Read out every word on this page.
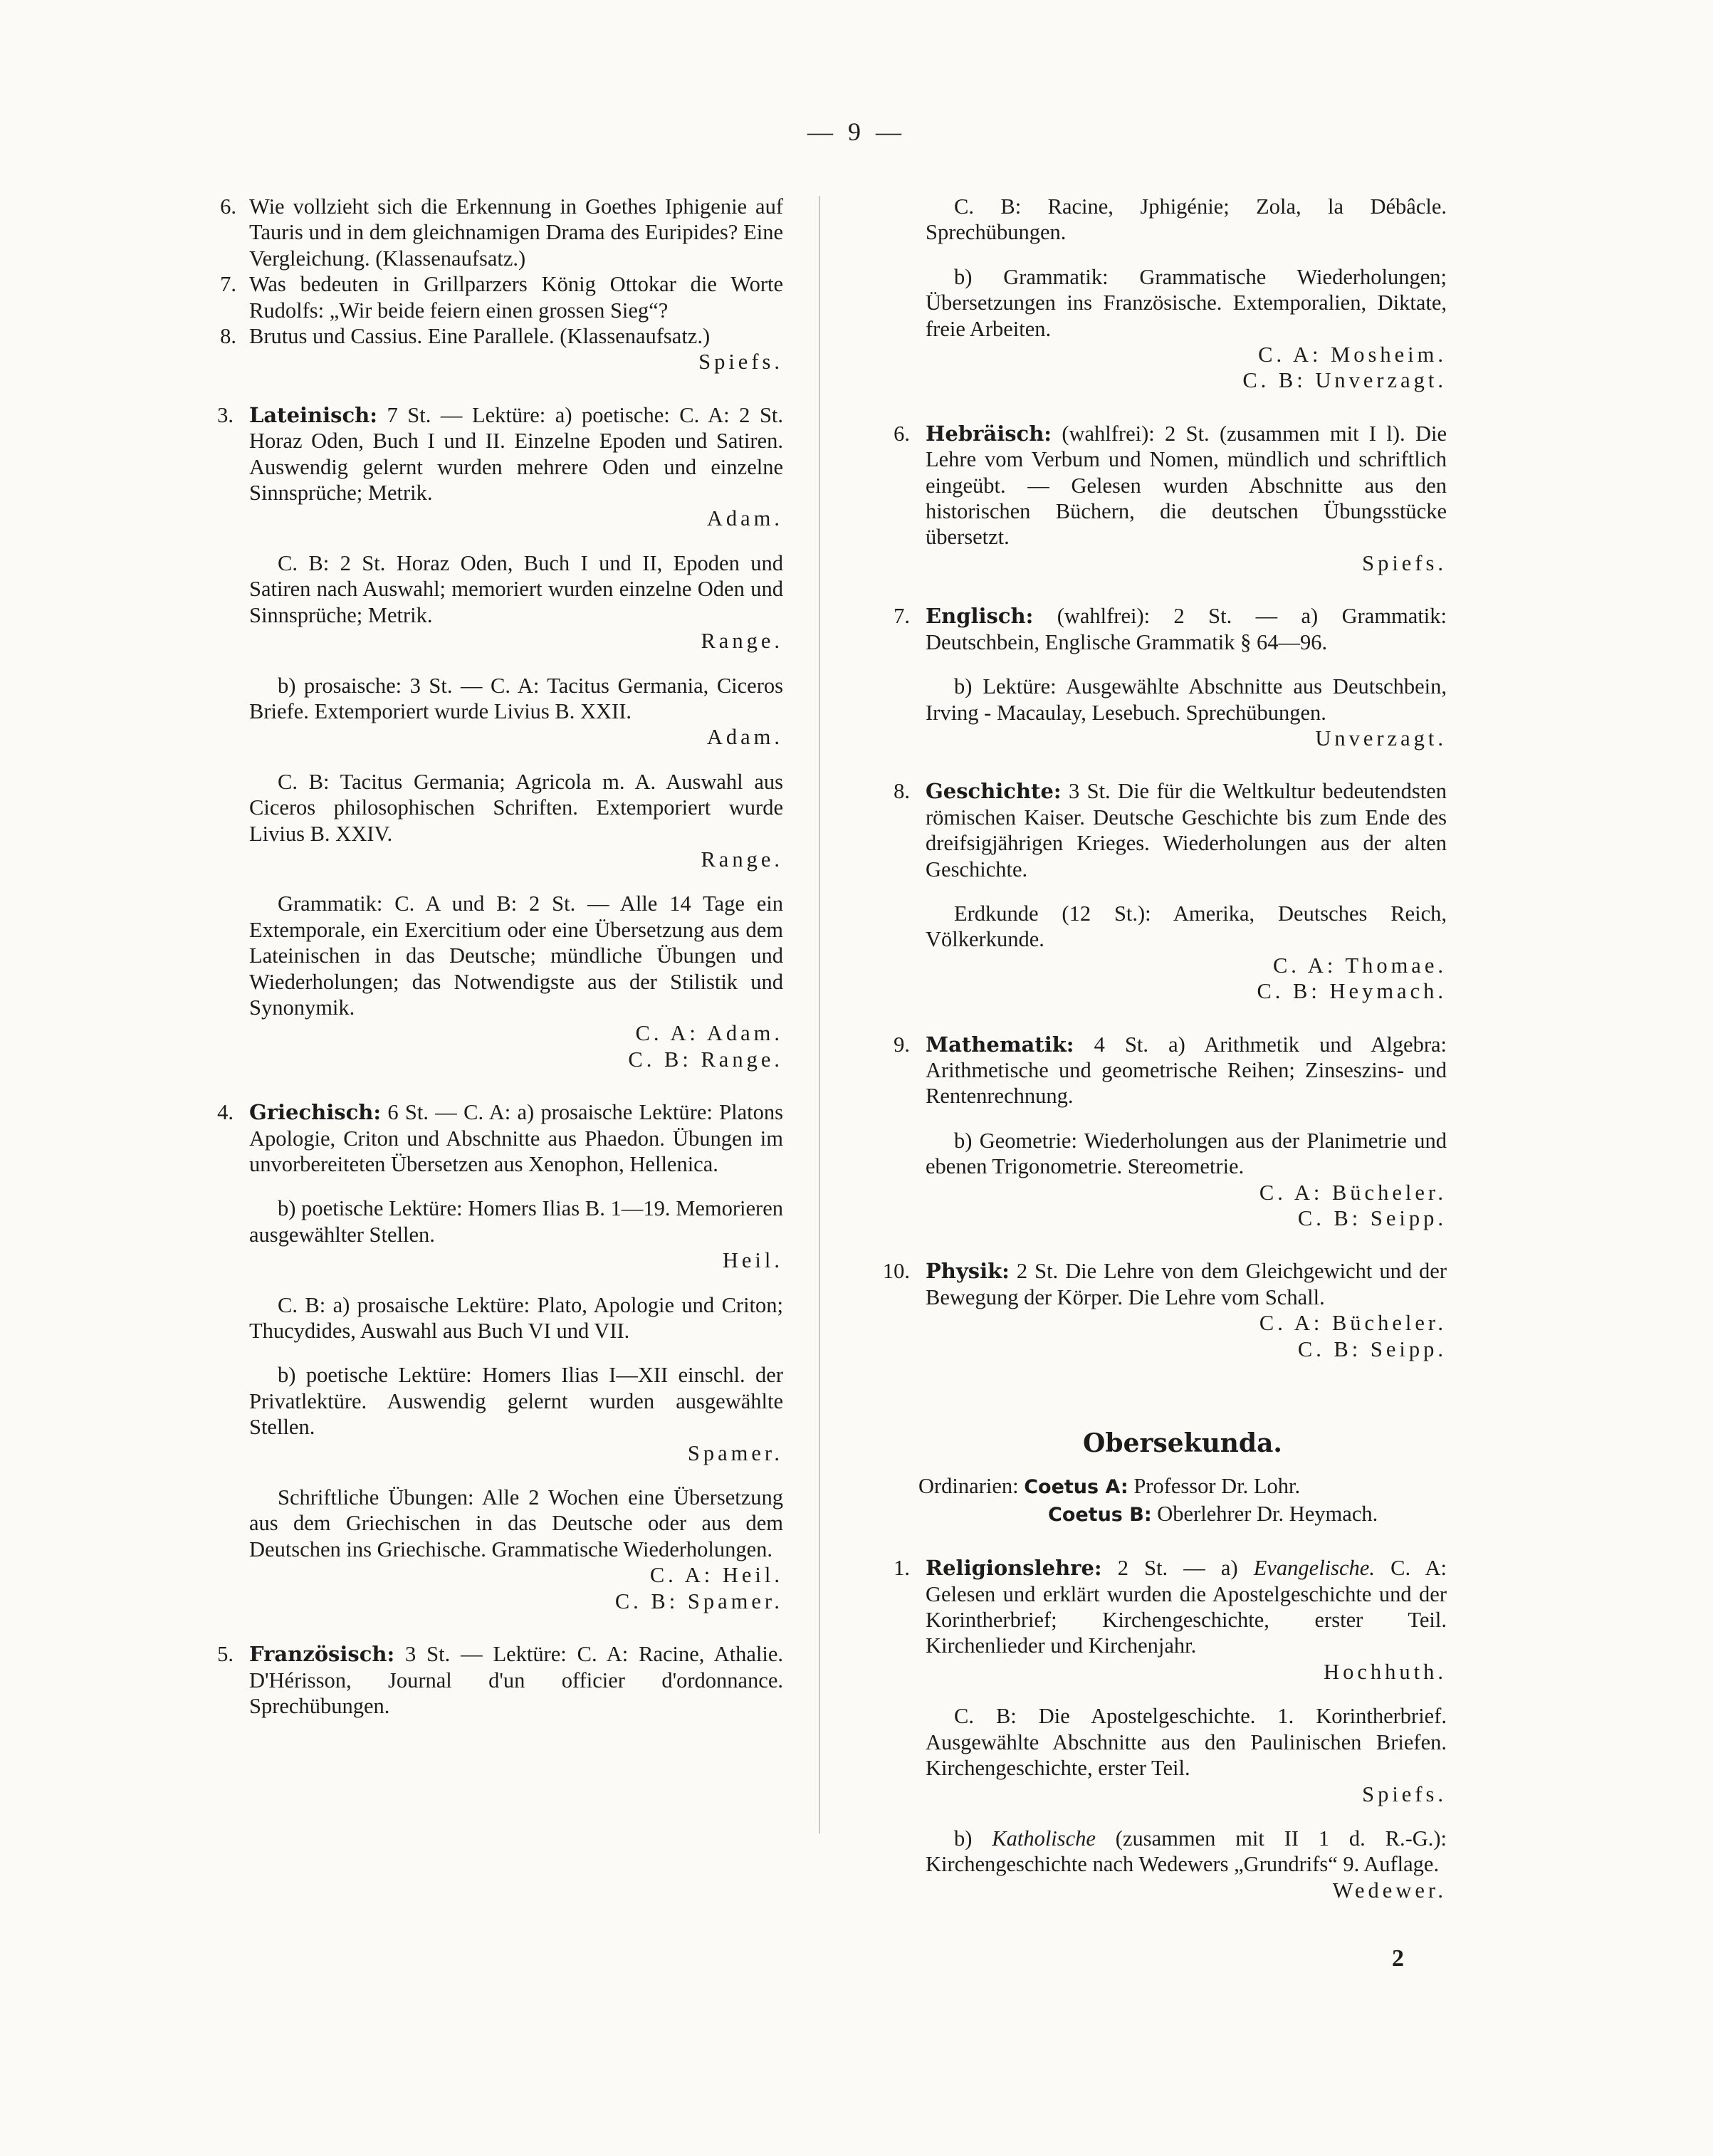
— 9 —
6. Wie vollzieht sich die Erkennung in Goethes Iphigenie auf Tauris und in dem gleichnamigen Drama des Euripides? Eine Vergleichung. (Klassenaufsatz.)

7. Was bedeuten in Grillparzers König Ottokar die Worte Rudolfs: „Wir beide feiern einen grossen Sieg“?

8. Brutus und Cassius. Eine Parallele. (Klassenaufsatz.)

Spiefs.

3. Lateinisch: 7 St. — Lektüre: a) poetische: C. A: 2 St. Horaz Oden, Buch I und II. Einzelne Epoden und Satiren. Auswendig gelernt wurden mehrere Oden und einzelne Sinnsprüche; Metrik.

Adam.

C. B: 2 St. Horaz Oden, Buch I und II, Epoden und Satiren nach Auswahl; memoriert wurden einzelne Oden und Sinnsprüche; Metrik.

Range.

b) prosaische: 3 St. — C. A: Tacitus Germania, Ciceros Briefe. Extemporiert wurde Livius B. XXII.

Adam.

C. B: Tacitus Germania; Agricola m. A. Auswahl aus Ciceros philosophischen Schriften. Extemporiert wurde Livius B. XXIV.

Range.

Grammatik: C. A und B: 2 St. — Alle 14 Tage ein Extemporale, ein Exercitium oder eine Übersetzung aus dem Lateinischen in das Deutsche; mündliche Übungen und Wiederholungen; das Notwendigste aus der Stilistik und Synonymik.

C. A: Adam.

C. B: Range.

4. Griechisch: 6 St. — C. A: a) prosaische Lektüre: Platons Apologie, Criton und Abschnitte aus Phaedon. Übungen im unvorbereiteten Übersetzen aus Xenophon, Hellenica.

b) poetische Lektüre: Homers Ilias B. 1—19. Memorieren ausgewählter Stellen.

Heil.

C. B: a) prosaische Lektüre: Plato, Apologie und Criton; Thucydides, Auswahl aus Buch VI und VII.

b) poetische Lektüre: Homers Ilias I—XII einschl. der Privatlektüre. Auswendig gelernt wurden ausgewählte Stellen.

Spamer.

Schriftliche Übungen: Alle 2 Wochen eine Übersetzung aus dem Griechischen in das Deutsche oder aus dem Deutschen ins Griechische. Grammatische Wiederholungen.

C. A: Heil.

C. B: Spamer.

5. Französisch: 3 St. — Lektüre: C. A: Racine, Athalie. D'Hérisson, Journal d'un officier d'ordonnance. Sprechübungen.

C. B: Racine, Jphigénie; Zola, la Débâcle. Sprechübungen.

b) Grammatik: Grammatische Wiederholungen; Übersetzungen ins Französische. Extemporalien, Diktate, freie Arbeiten.

C. A: Mosheim.

C. B: Unverzagt.

6. Hebräisch: (wahlfrei): 2 St. (zusammen mit I l). Die Lehre vom Verbum und Nomen, mündlich und schriftlich eingeübt. — Gelesen wurden Abschnitte aus den historischen Büchern, die deutschen Übungsstücke übersetzt.

Spiefs.

7. Englisch: (wahlfrei): 2 St. — a) Grammatik: Deutschbein, Englische Grammatik § 64—96.

b) Lektüre: Ausgewählte Abschnitte aus Deutschbein, Irving - Macaulay, Lesebuch. Sprechübungen.

Unverzagt.

8. Geschichte: 3 St. Die für die Weltkultur bedeutendsten römischen Kaiser. Deutsche Geschichte bis zum Ende des dreifsigjährigen Krieges. Wiederholungen aus der alten Geschichte.

Erdkunde (12 St.): Amerika, Deutsches Reich, Völkerkunde.

C. A: Thomae.

C. B: Heymach.

9. Mathematik: 4 St. a) Arithmetik und Algebra: Arithmetische und geometrische Reihen; Zinseszins- und Rentenrechnung.

b) Geometrie: Wiederholungen aus der Planimetrie und ebenen Trigonometrie. Stereometrie.

C. A: Bücheler.

C. B: Seipp.

10. Physik: 2 St. Die Lehre von dem Gleichgewicht und der Bewegung der Körper. Die Lehre vom Schall.

C. A: Bücheler.

C. B: Seipp.

Obersekunda.

Ordinarien: Coetus A: Professor Dr. Lohr.

Coetus B: Oberlehrer Dr. Heymach.

1. Religionslehre: 2 St. — a) Evangelische. C. A: Gelesen und erklärt wurden die Apostelgeschichte und der Korintherbrief; Kirchengeschichte, erster Teil. Kirchenlieder und Kirchenjahr.

Hochhuth.

C. B: Die Apostelgeschichte. 1. Korintherbrief. Ausgewählte Abschnitte aus den Paulinischen Briefen. Kirchengeschichte, erster Teil.

Spiefs.

b) Katholische (zusammen mit II 1 d. R.-G.): Kirchengeschichte nach Wedewers „Grundrifs“ 9. Auflage.

Wedewer.

2
